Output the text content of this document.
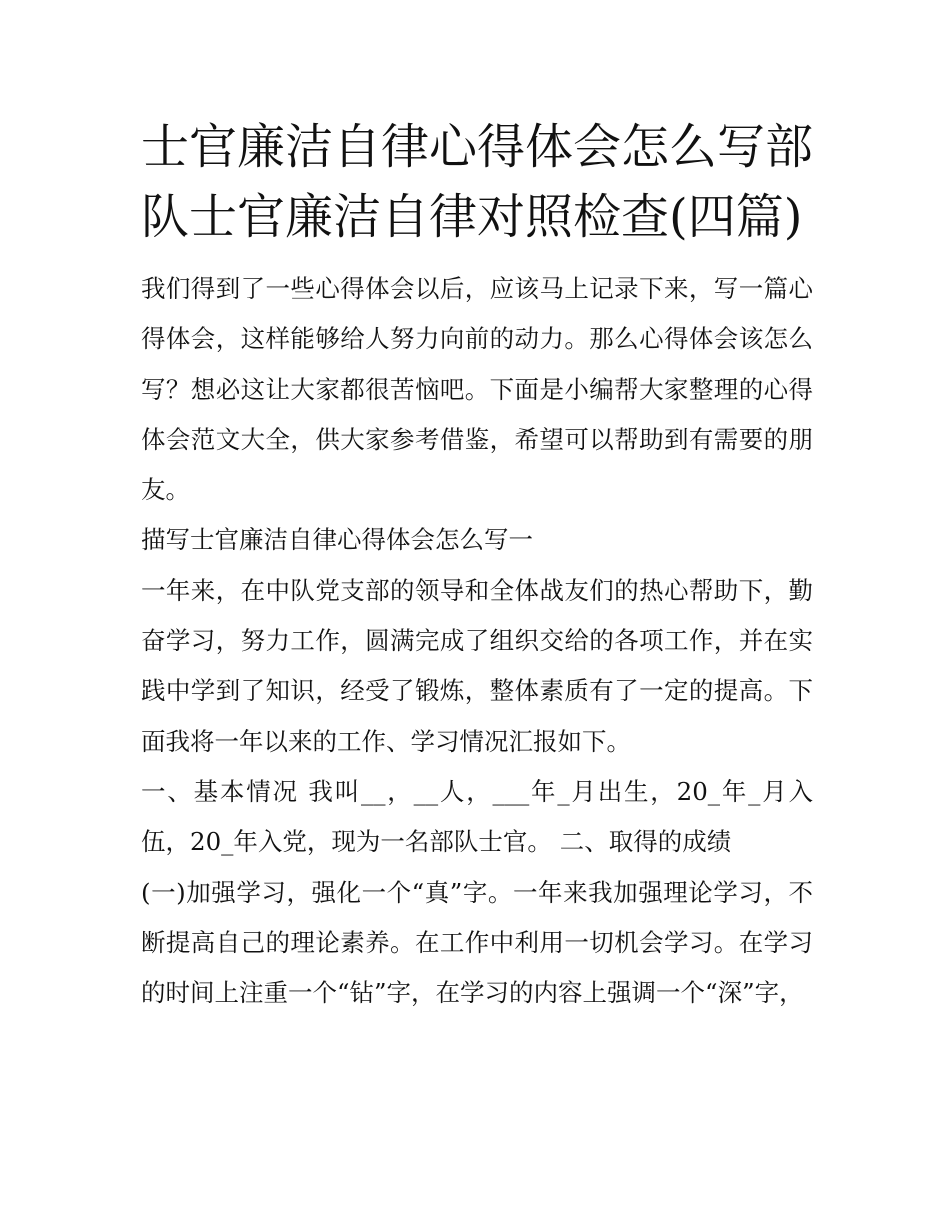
士官廉洁自律心得体会怎么写部队士官廉洁自律对照检查(四篇)

我们得到了一些心得体会以后，应该马上记录下来，写一篇心得体会，这样能够给人努力向前的动力。那么心得体会该怎么写？想必这让大家都很苦恼吧。下面是小编帮大家整理的心得体会范文大全，供大家参考借鉴，希望可以帮助到有需要的朋友。

描写士官廉洁自律心得体会怎么写一

一年来，在中队党支部的领导和全体战友们的热心帮助下，勤奋学习，努力工作，圆满完成了组织交给的各项工作，并在实践中学到了知识，经受了锻炼，整体素质有了一定的提高。下面我将一年以来的工作、学习情况汇报如下。

一、基本情况 我叫__，__人，___年_月出生，20_年_月入伍，20_年入党，现为一名部队士官。 二、取得的成绩

(一)加强学习，强化一个“真”字。一年来我加强理论学习，不断提高自己的理论素养。在工作中利用一切机会学习。在学习的时间上注重一个“钻”字，在学习的内容上强调一个“深”字，
